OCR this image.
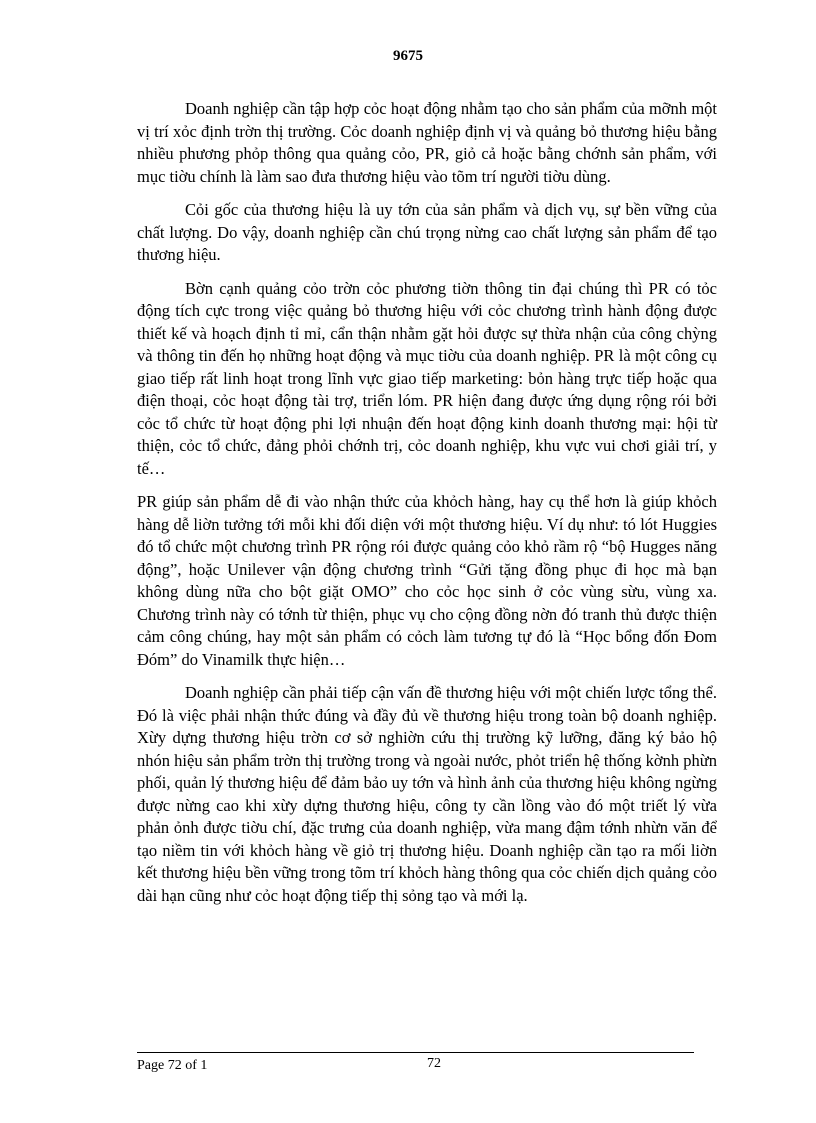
9675

Doanh nghiệp cần tập hợp cỏc hoạt động nhằm tạo cho sản phẩm của mỡnh một vị trí xỏc định trờn thị trường. Cỏc doanh nghiệp định vị và quảng bỏ thương hiệu bằng nhiều phương phỏp thông qua quảng cỏo, PR, giỏ cả hoặc bằng chớnh sản phẩm, với mục tiờu chính là làm sao đưa thương hiệu vào tõm trí người tiờu dùng.

Cỏi gốc của thương hiệu là uy tớn của sản phẩm và dịch vụ, sự bền vững của chất lượng. Do vậy, doanh nghiệp cần chú trọng nừng cao chất lượng sản phẩm để tạo thương hiệu.

Bờn cạnh quảng cỏo trờn cỏc phương tiờn thông tin đại chúng thì PR có tỏc động tích cực trong việc quảng bỏ thương hiệu với cỏc chương trình hành động được thiết kế và hoạch định tỉ mỉ, cẩn thận nhằm gặt hỏi được sự thừa nhận của công chỳng và thông tin đến họ những hoạt động và mục tiờu của doanh nghiệp. PR là một công cụ giao tiếp rất linh hoạt trong lĩnh vực giao tiếp marketing: bỏn hàng trực tiếp hoặc qua điện thoại, cỏc hoạt động tài trợ, triển lóm. PR hiện đang được ứng dụng rộng rói bởi cỏc tổ chức từ hoạt động phi lợi nhuận đến hoạt động kinh doanh thương mại: hội từ thiện, cỏc tổ chức, đảng phỏi chớnh trị, cỏc doanh nghiệp, khu vực vui chơi giải trí, y tế…

PR giúp sản phẩm dễ đi vào nhận thức của khỏch hàng, hay cụ thể hơn là giúp khỏch hàng dễ liờn tưởng tới mỗi khi đối diện với một thương hiệu. Ví dụ như: tó lót Huggies đó tổ chức một chương trình PR rộng rói được quảng cỏo khỏ rầm rộ “bộ Hugges năng động”, hoặc Unilever vận động chương trình “Gửi tặng đồng phục đi học mà bạn không dùng nữa cho bột giặt OMO” cho cỏc học sinh ở cỏc vùng sừu, vùng xa. Chương trình này có tớnh từ thiện, phục vụ cho cộng đồng nờn đó tranh thủ được thiện cảm công chúng, hay một sản phẩm có cỏch làm tương tự đó là “Học bổng đốn Đom Đóm” do Vinamilk thực hiện…

Doanh nghiệp cần phải tiếp cận vấn đề thương hiệu với một chiến lược tổng thể. Đó là việc phải nhận thức đúng và đầy đủ về thương hiệu trong toàn bộ doanh nghiệp. Xừy dựng thương hiệu trờn cơ sở nghiờn cứu thị trường kỹ lưỡng, đăng ký bảo hộ nhón hiệu sản phẩm trờn thị trường trong và ngoài nước, phỏt triển hệ thống kờnh phừn phối, quản lý thương hiệu để đảm bảo uy tớn và hình ảnh của thương hiệu không ngừng được nừng cao khi xừy dựng thương hiệu, công ty cần lồng vào đó một triết lý vừa phản ỏnh được tiờu chí, đặc trưng của doanh nghiệp, vừa mang đậm tớnh nhừn văn để tạo niềm tin với khỏch hàng về giỏ trị thương hiệu. Doanh nghiệp cần tạo ra mối liờn kết thương hiệu bền vững trong tõm trí khỏch hàng thông qua cỏc chiến dịch quảng cỏo dài hạn cũng như cỏc hoạt động tiếp thị sỏng tạo và mới lạ.

Page 72 of 1	72
